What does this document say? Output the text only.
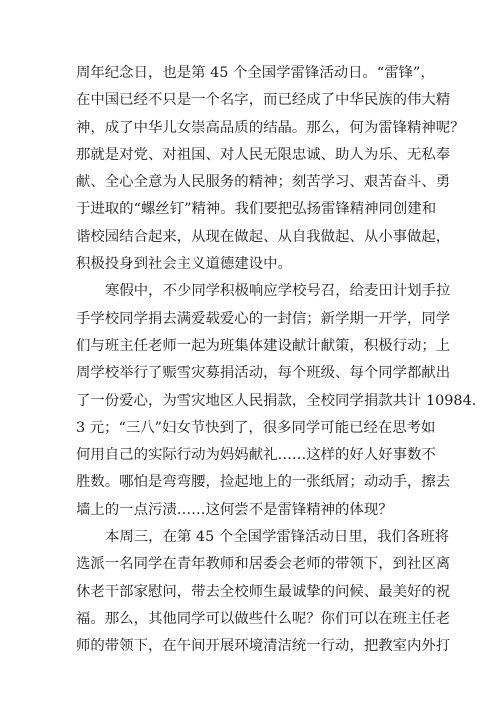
周年纪念日，也是第 45 个全国学雷锋活动日。“雷锋”，
在中国已经不只是一个名字，而已经成了中华民族的伟大精
神，成了中华儿女崇高品质的结晶。那么，何为雷锋精神呢？
那就是对党、对祖国、对人民无限忠诚、助人为乐、无私奉
献、全心全意为人民服务的精神；刻苦学习、艰苦奋斗、勇
于进取的“螺丝钉”精神。我们要把弘扬雷锋精神同创建和
谐校园结合起来，从现在做起、从自我做起、从小事做起，
积极投身到社会主义道德建设中。
寒假中，不少同学积极响应学校号召，给麦田计划手拉
手学校同学捐去满爱载爱心的一封信；新学期一开学，同学
们与班主任老师一起为班集体建设献计献策，积极行动；上
周学校举行了赈雪灾募捐活动，每个班级、每个同学都献出
了一份爱心，为雪灾地区人民捐款，全校同学捐款共计 10984.
3 元；“三八”妇女节快到了，很多同学可能已经在思考如
何用自己的实际行动为妈妈献礼……这样的好人好事数不
胜数。哪怕是弯弯腰，捡起地上的一张纸屑；动动手，擦去
墙上的一点污渍……这何尝不是雷锋精神的体现？
本周三，在第 45 个全国学雷锋活动日里，我们各班将
选派一名同学在青年教师和居委会老师的带领下，到社区离
休老干部家慰问，带去全校师生最诚挚的问候、最美好的祝
福。那么，其他同学可以做些什么呢？你们可以在班主任老
师的带领下，在午间开展环境清洁统一行动，把教室内外打
